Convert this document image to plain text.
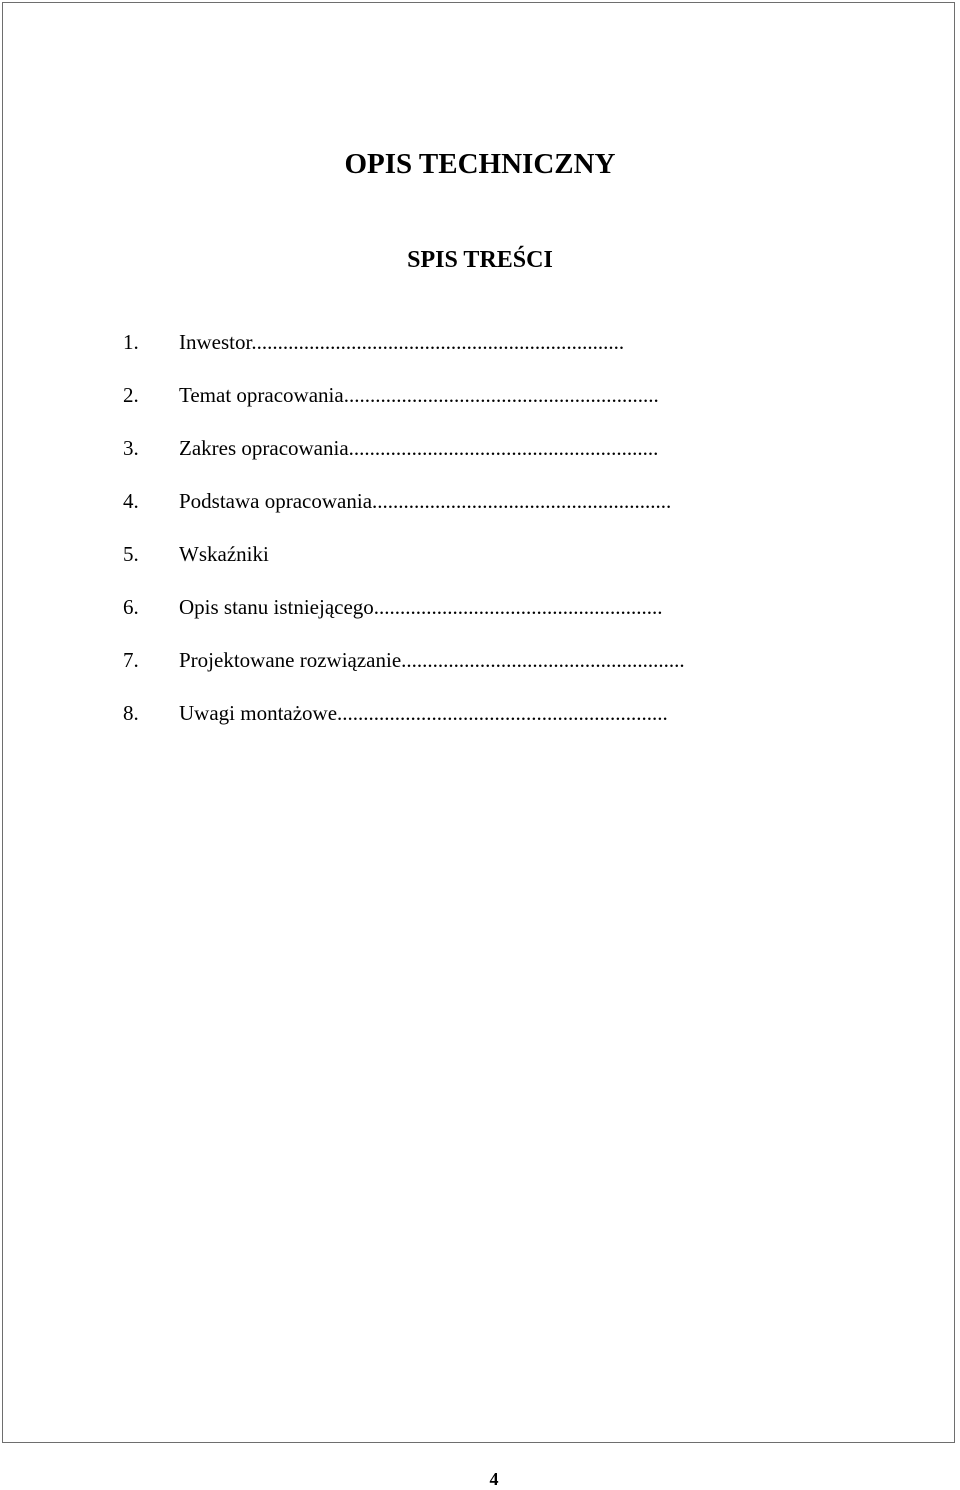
OPIS TECHNICZNY
SPIS TREŚCI
1. Inwestor.......................................................................
2. Temat opracowania............................................................
3. Zakres opracowania...........................................................
4. Podstawa opracowania.........................................................
5. Wskaźniki
6. Opis stanu istniejącego.......................................................
7. Projektowane rozwiązanie......................................................
8. Uwagi montażowe...............................................................
4
